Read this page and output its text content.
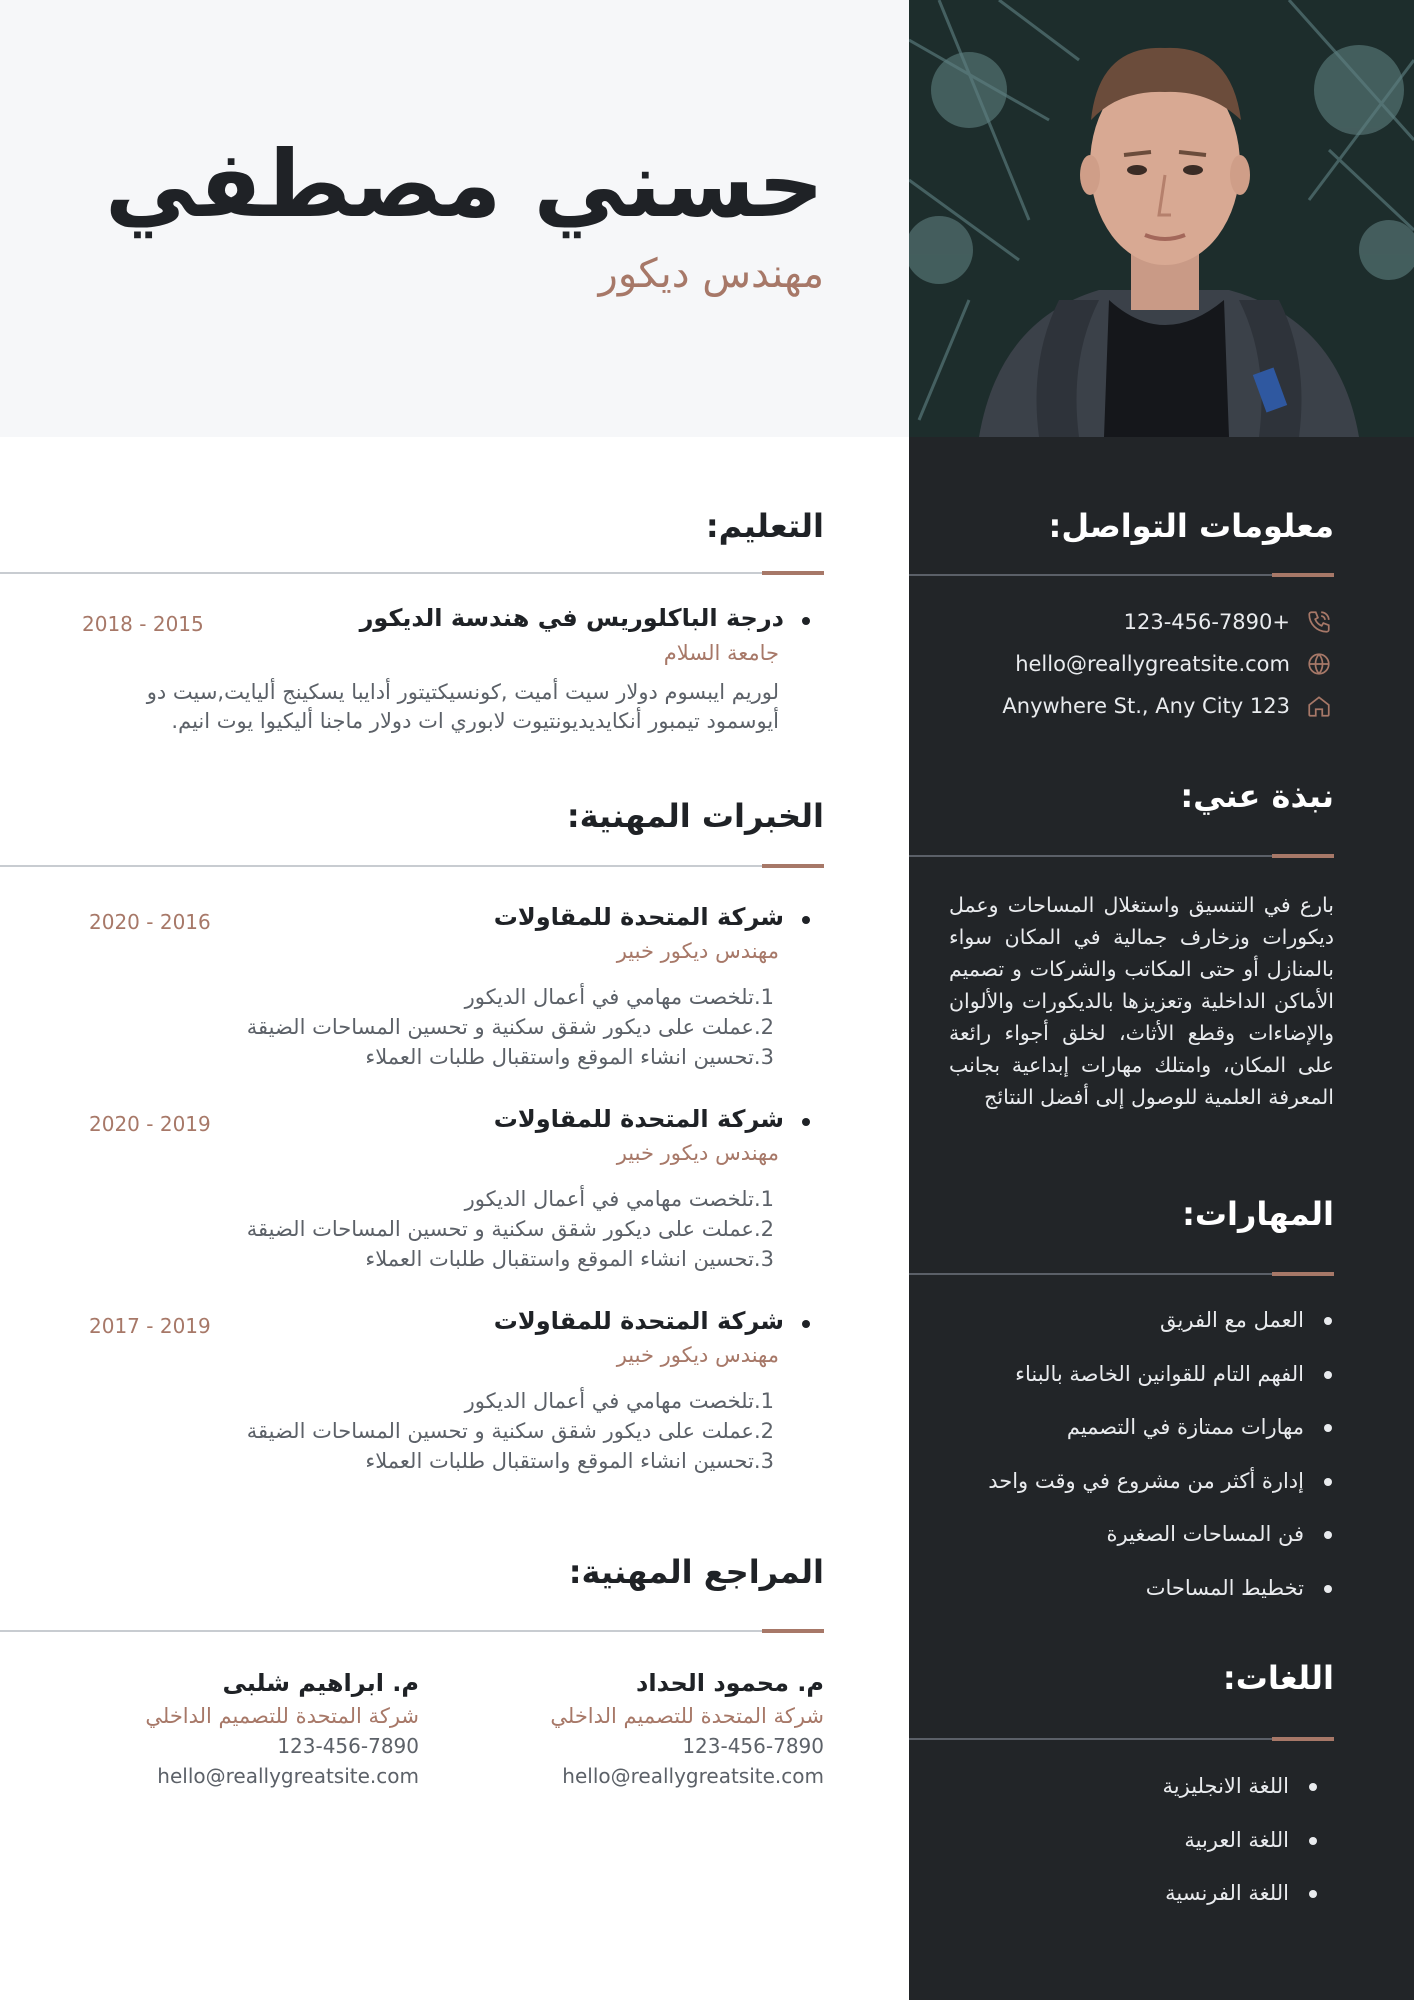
حسني مصطفي
مهندس ديكور
معلومات التواصل:
+123-456-7890
hello@reallygreatsite.com
123 Anywhere St., Any City
نبذة عني:

بارع في التنسيق واستغلال المساحات وعمل ديكورات وزخارف جمالية في المكان سواء بالمنازل أو حتى المكاتب والشركات و تصميم الأماكن الداخلية وتعزيزها بالديكورات والألوان والإضاءات وقطع الأثاث، لخلق أجواء رائعة على المكان، وامتلك مهارات إبداعية بجانب المعرفة العلمية للوصول إلى أفضل النتائج

المهارات:
العمل مع الفريق
الفهم التام للقوانين الخاصة بالبناء
مهارات ممتازة في التصميم
إدارة أكثر من مشروع في وقت واحد
فن المساحات الصغيرة
تخطيط المساحات
اللغات:
اللغة الانجليزية
اللغة العربية
اللغة الفرنسية
التعليم:
درجة الباكلوريس في هندسة الديكور
2015 - 2018
جامعة السلام
لوريم ايبسوم دولار سيت أميت ,كونسيكتيتور أدايبا يسكينج أليايت,سيت دو
أيوسمود تيمبور أنكايديديونتيوت لابوري ات دولار ماجنا أليكيوا يوت انيم.
الخبرات المهنية:
شركة المتحدة للمقاولات
2016 - 2020
مهندس ديكور خبير
1.تلخصت مهامي في أعمال الديكور
2.عملت على ديكور شقق سكنية و تحسين المساحات الضيقة
3.تحسين انشاء الموقع واستقبال طلبات العملاء
شركة المتحدة للمقاولات
2019 - 2020
مهندس ديكور خبير
1.تلخصت مهامي في أعمال الديكور
2.عملت على ديكور شقق سكنية و تحسين المساحات الضيقة
3.تحسين انشاء الموقع واستقبال طلبات العملاء
شركة المتحدة للمقاولات
2019 - 2017
مهندس ديكور خبير
1.تلخصت مهامي في أعمال الديكور
2.عملت على ديكور شقق سكنية و تحسين المساحات الضيقة
3.تحسين انشاء الموقع واستقبال طلبات العملاء
المراجع المهنية:
م. محمود الحداد
شركة المتحدة للتصميم الداخلي
123-456-7890
hello@reallygreatsite.com
م. ابراهيم شلبى
شركة المتحدة للتصميم الداخلي
123-456-7890
hello@reallygreatsite.com
